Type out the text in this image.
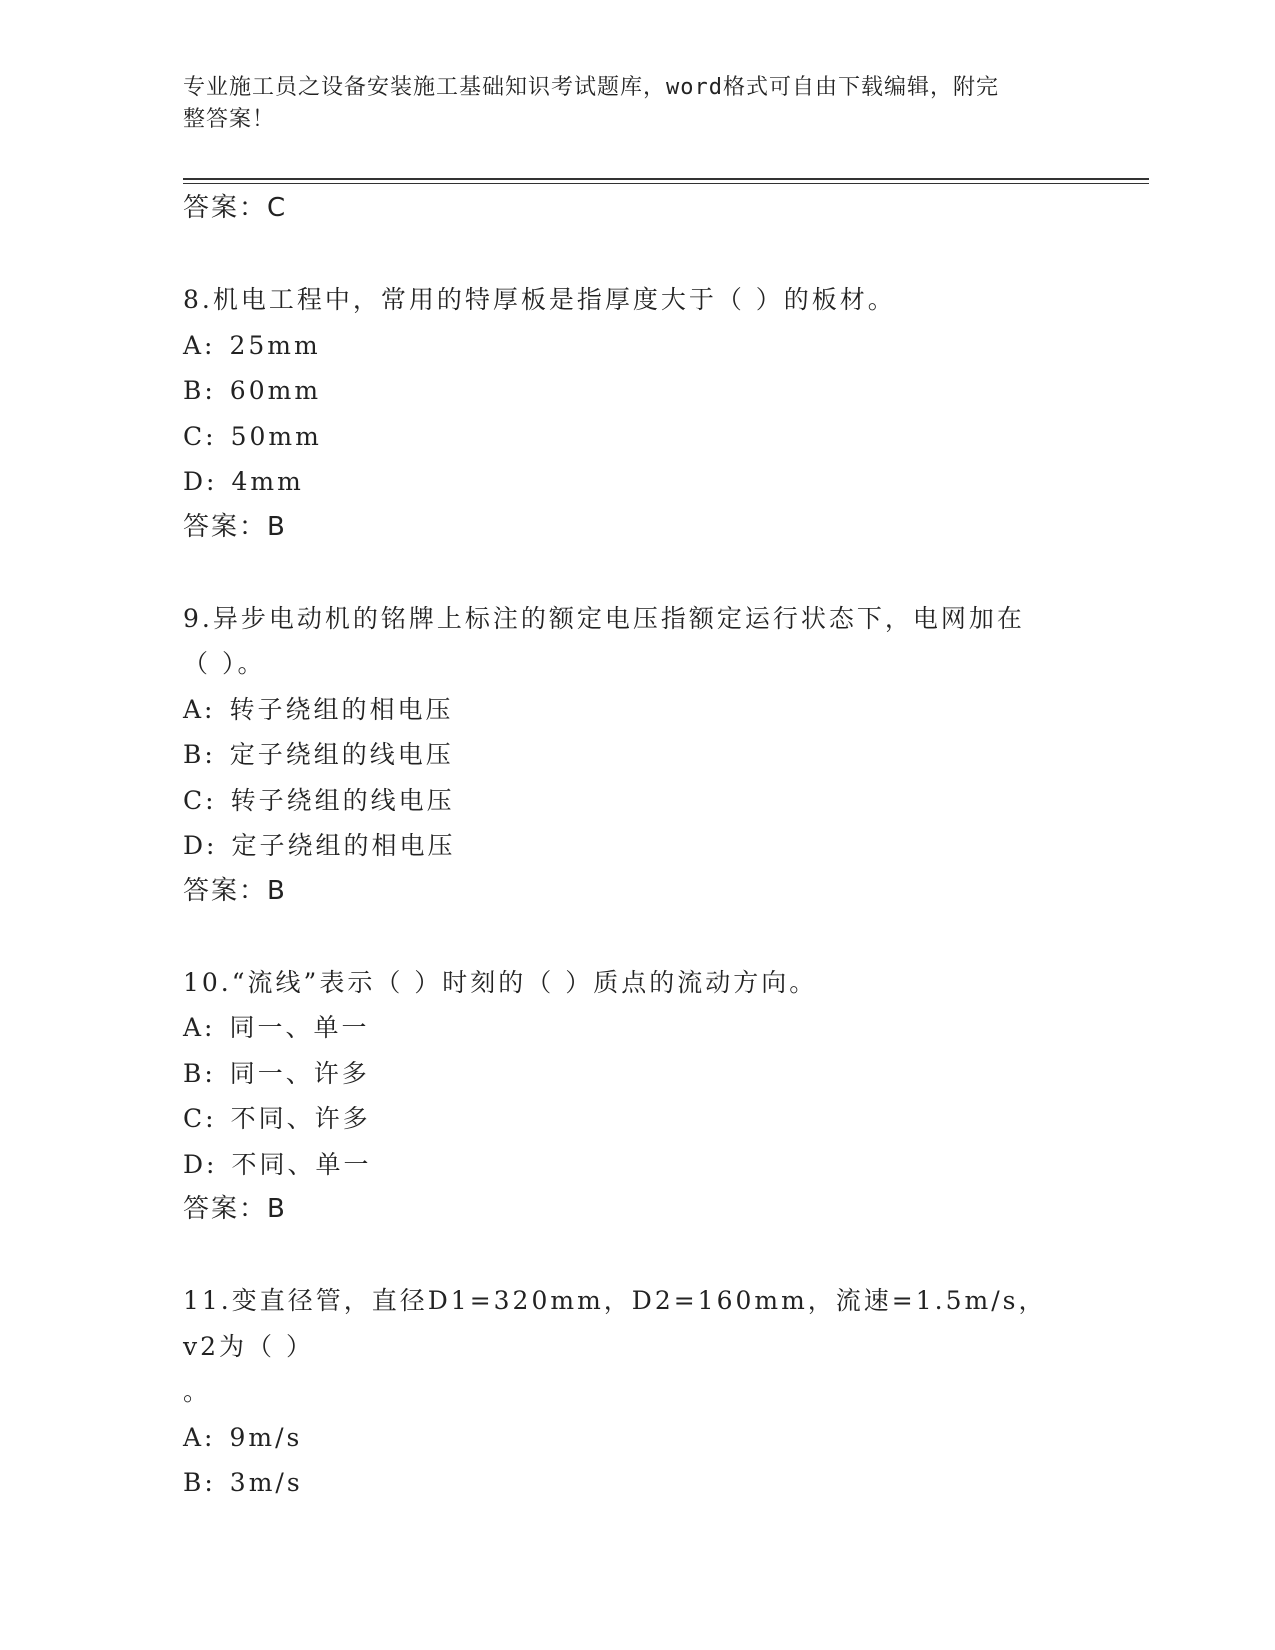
专业施工员之设备安装施工基础知识考试题库，word格式可自由下载编辑，附完
整答案！
答案：C
8.机电工程中，常用的特厚板是指厚度大于（ ）的板材。
A: 25mm
B: 60mm
C: 50mm
D: 4mm
答案：B
9.异步电动机的铭牌上标注的额定电压指额定运行状态下，电网加在
（ ）。
A: 转子绕组的相电压
B: 定子绕组的线电压
C: 转子绕组的线电压
D: 定子绕组的相电压
答案：B
10.“流线”表示（ ）时刻的（ ）质点的流动方向。
A: 同一、单一
B: 同一、许多
C: 不同、许多
D: 不同、单一
答案：B
11.变直径管，直径D1=320mm，D2=160mm，流速=1.5m/s，v2为（ ）
。
A: 9m/s
B: 3m/s
